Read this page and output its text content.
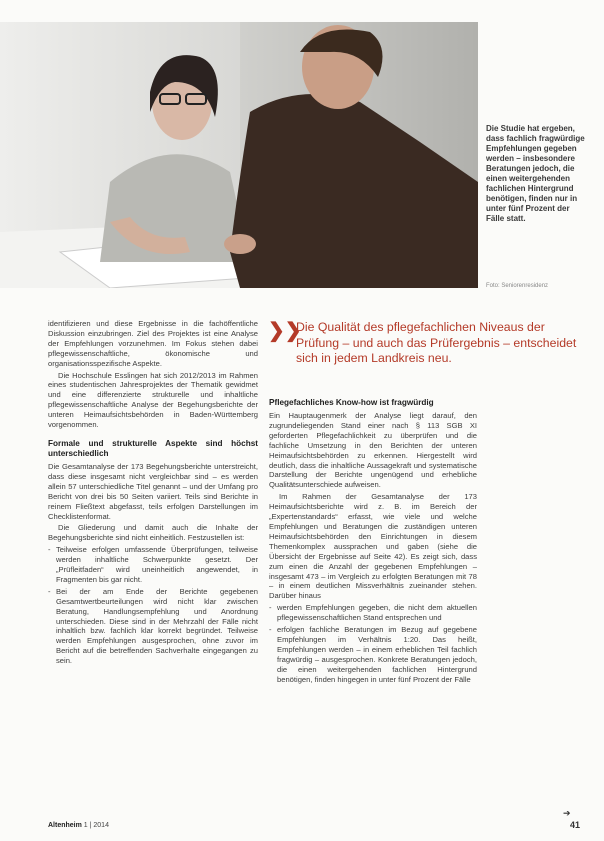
Die Studie hat ergeben, dass fachlich fragwürdige Empfehlungen gegeben werden – insbesondere Beratungen jedoch, die einen weitergehenden fachlichen Hintergrund benötigen, finden nur in unter fünf Prozent der Fälle statt.
Foto: Seniorenresidenz

identifizieren und diese Ergebnisse in die fachöffentliche Diskussion einzubringen. Ziel des Projektes ist eine Analyse der Empfehlungen vorzunehmen. Im Fokus stehen dabei pflegewissenschaftliche, ökonomische und organisationsspezifische Aspekte.

Die Hochschule Esslingen hat sich 2012/2013 im Rahmen eines studentischen Jahresprojektes der Thematik gewidmet und eine differenzierte strukturelle und inhaltliche pflegewissenschaftliche Analyse der Begehungsberichte der unteren Heimaufsichtsbehörden in Baden-Württemberg vorgenommen.

Formale und strukturelle Aspekte sind höchst unterschiedlich

Die Gesamtanalyse der 173 Begehungsberichte unterstreicht, dass diese insgesamt nicht vergleichbar sind – es werden allein 57 unterschiedliche Titel genannt – und der Umfang pro Bericht von drei bis 50 Seiten variiert. Teils sind Berichte in reinem Fließtext abgefasst, teils erfolgen Darstellungen im Checklistenformat.

Die Gliederung und damit auch die Inhalte der Begehungsberichte sind nicht einheitlich. Festzustellen ist:

- Teilweise erfolgen umfassende Überprüfungen, teilweise werden inhaltliche Schwerpunkte gesetzt. Der „Prüfleitfaden“ wird uneinheitlich angewendet, in Fragmenten bis gar nicht.
- Bei der am Ende der Berichte gegebenen Gesamtwertbeurteilungen wird nicht klar zwischen Beratung, Handlungsempfehlung und Anordnung unterschieden. Diese sind in der Mehrzahl der Fälle nicht inhaltlich bzw. fachlich klar korrekt begründet. Teilweise werden Empfehlungen ausgesprochen, ohne zuvor im Bericht auf die betreffenden Sachverhalte eingegangen zu sein.
❯❯
Die Qualität des pflegefachlichen Niveaus der Prüfung – und auch das Prüfergebnis – entscheidet sich in jedem Landkreis neu.
Pflegefachliches Know-how ist fragwürdig

Ein Hauptaugenmerk der Analyse liegt darauf, den zugrundeliegenden Stand einer nach § 113 SGB XI geforderten Pflegefachlichkeit zu überprüfen und die fachliche Umsetzung in den Berichten der unteren Heimaufsichtsbehörden zu erkennen. Hiergestellt wird deutlich, dass die inhaltliche Aussagekraft und systematische Darstellung der Berichte ungenügend und erhebliche Qualitätsunterschiede aufweisen.

Im Rahmen der Gesamtanalyse der 173 Heimaufsichtsberichte wird z. B. im Bereich der „Expertenstandards“ erfasst, wie viele und welche Empfehlungen und Beratungen die zuständigen unteren Heimaufsichtsbehörden den Einrichtungen in diesem Themenkomplex aussprachen und gaben (siehe die Übersicht der Ergebnisse auf Seite 42). Es zeigt sich, dass zum einen die Anzahl der gegebenen Empfehlungen – insgesamt 473 – im Vergleich zu erfolgten Beratungen mit 78 – in einem deutlichen Missverhältnis zueinander stehen. Darüber hinaus

- werden Empfehlungen gegeben, die nicht dem aktuellen pflegewissenschaftlichen Stand entsprechen und
- erfolgen fachliche Beratungen im Bezug auf gegebene Empfehlungen im Verhältnis 1:20. Das heißt, Empfehlungen werden – in einem erheblichen Teil fachlich fragwürdig – ausgesprochen. Konkrete Beratungen jedoch, die einen weitergehenden fachlichen Hintergrund benötigen, finden hingegen in unter fünf Prozent der Fälle
➔
Altenheim 1 | 2014	41
